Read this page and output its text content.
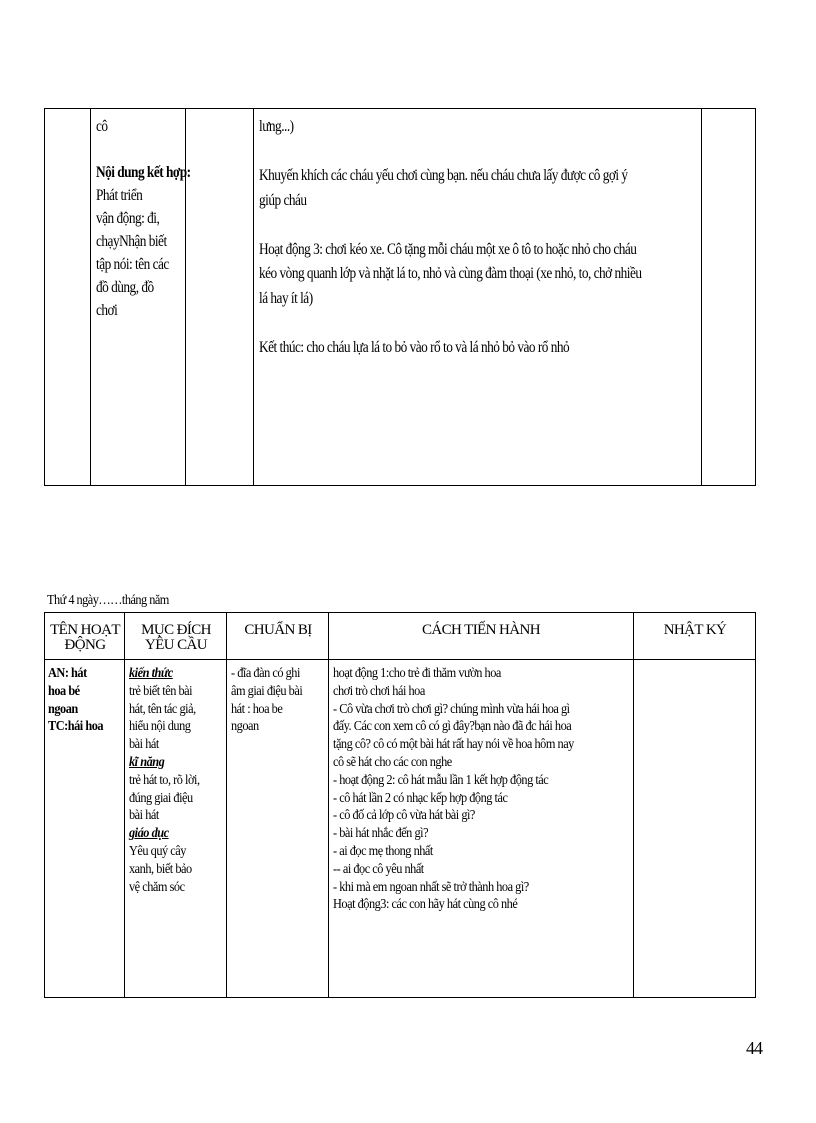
cô
Nội dung kết hợp: Phát triển
vận động: đi,
chạyNhận biết
tập nói: tên các
đồ dùng, đồ
chơi
lưng...)
Khuyến khích các cháu yếu chơi cùng bạn. nếu cháu chưa lấy được cô gợi ý
giúp cháu
Hoạt động 3: chơi kéo xe. Cô tặng mỗi cháu một xe ô tô to hoặc nhỏ cho cháu
kéo vòng quanh lớp và nhặt lá to, nhỏ và cùng đàm thoại (xe nhỏ, to, chở nhiều
lá hay ít lá)
Kết thúc: cho cháu lựa lá to bỏ vào rổ to và lá nhỏ bỏ vào rổ nhỏ
Thứ 4 ngày……tháng năm
TÊN HOẠT ĐỘNG
MỤC ĐÍCH YÊU CẦU
CHUẨN BỊ	CÁCH TIẾN HÀNH	NHẬT KÝ
AN: hát
hoa bé
ngoan
TC:hái hoa
kiến thức
trẻ biết tên bài
hát, tên tác giả,
hiểu nội dung
bài hát
kĩ năng
trẻ hát to, rõ lời,
đúng giai điệu
bài hát
giáo dục
Yêu quý cây
xanh, biết bảo
vệ chăm sóc
- đĩa đàn có ghi
âm giai điệu bài
hát : hoa be
ngoan
hoạt động 1:cho trẻ đi thăm vườn hoa
chơi trò chơi hái hoa
- Cô vừa chơi trò chơi gì? chúng mình vừa hái hoa gì
đấy. Các con xem cô có gì đây?bạn nào đã đc hái hoa
tặng cô? cô có một bài hát rất hay nói về hoa hôm nay
cô sẽ hát cho các con nghe
- hoạt động 2: cô hát mẫu lần 1 kết hợp động tác
- cô hát lần 2 có nhạc kếp hợp động tác
- cô đố cả lớp cô vừa hát bài gì?
- bài hát nhắc đến gì?
- ai đọc mẹ thong nhất
-- ai đọc cô yêu nhất
- khi mà em ngoan nhất sẽ trở thành hoa gì?
Hoạt động3: các con hãy hát cùng cô nhé
44
